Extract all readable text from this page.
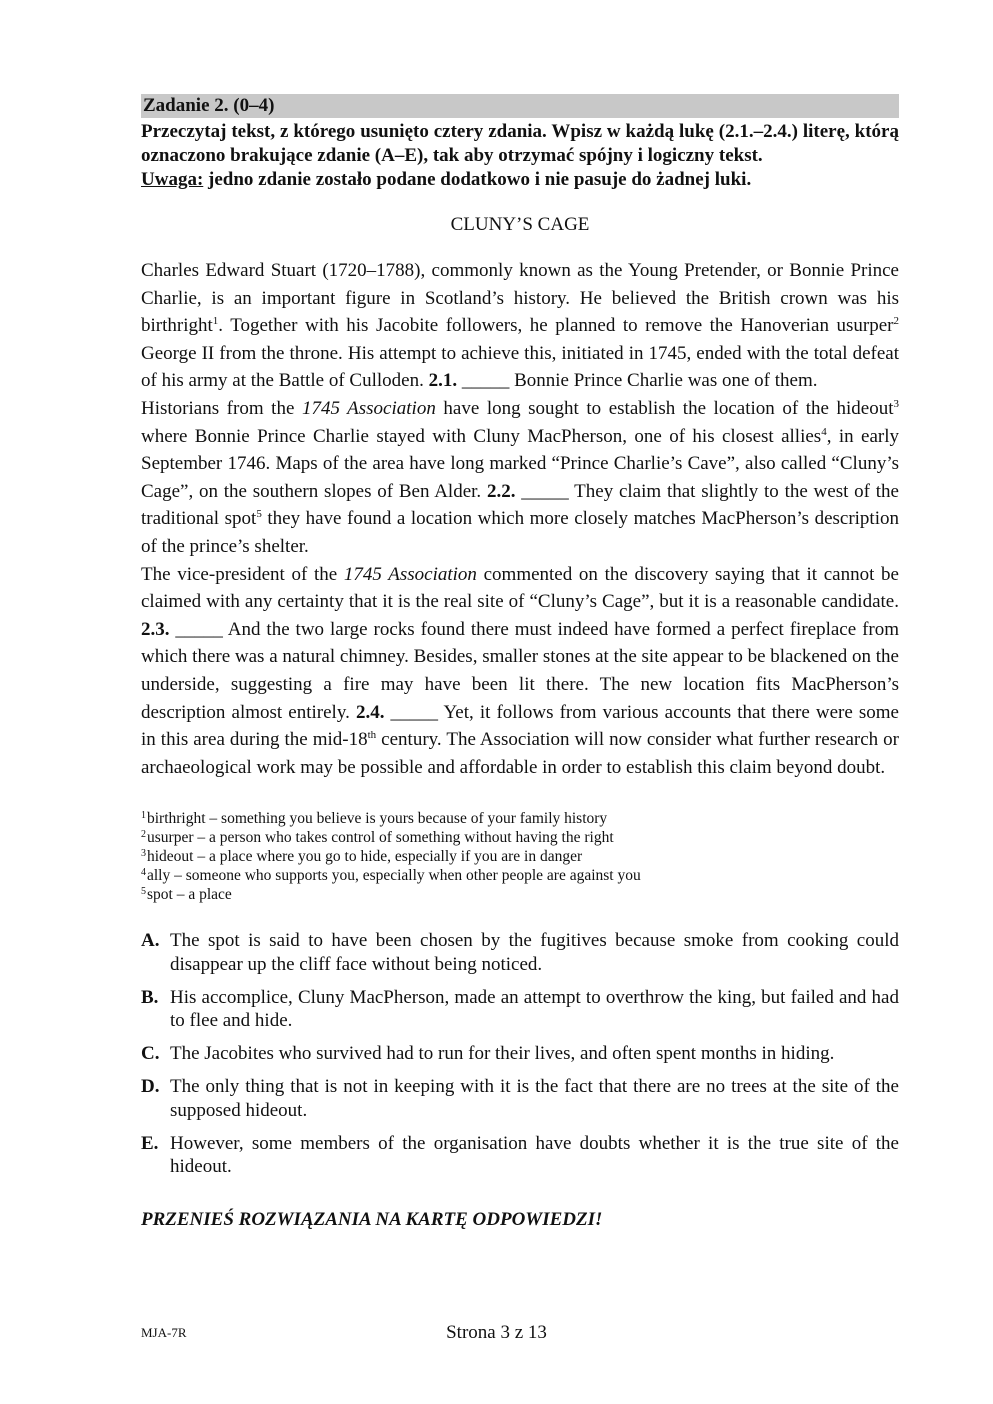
Zadanie 2. (0–4)
Przeczytaj tekst, z którego usunięto cztery zdania. Wpisz w każdą lukę (2.1.–2.4.) literę, którą oznaczono brakujące zdanie (A–E), tak aby otrzymać spójny i logiczny tekst.
Uwaga: jedno zdanie zostało podane dodatkowo i nie pasuje do żadnej luki.
CLUNY’S CAGE

Charles Edward Stuart (1720–1788), commonly known as the Young Pretender, or Bonnie Prince Charlie, is an important figure in Scotland’s history. He believed the British crown was his birthright$^1$. Together with his Jacobite followers, he planned to remove the Hanoverian usurper$^2$ George II from the throne. His attempt to achieve this, initiated in 1745, ended with the total defeat of his army at the Battle of Culloden. 2.1. _____ Bonnie Prince Charlie was one of them.

Historians from the 1745 Association have long sought to establish the location of the hideout$^3$ where Bonnie Prince Charlie stayed with Cluny MacPherson, one of his closest allies$^4$, in early September 1746. Maps of the area have long marked “Prince Charlie’s Cave”, also called “Cluny’s Cage”, on the southern slopes of Ben Alder. 2.2. _____ They claim that slightly to the west of the traditional spot$^5$ they have found a location which more closely matches MacPherson’s description of the prince’s shelter.

The vice-president of the 1745 Association commented on the discovery saying that it cannot be claimed with any certainty that it is the real site of “Cluny’s Cage”, but it is a reasonable candidate. 2.3. _____ And the two large rocks found there must indeed have formed a perfect fireplace from which there was a natural chimney. Besides, smaller stones at the site appear to be blackened on the underside, suggesting a fire may have been lit there. The new location fits MacPherson’s description almost entirely. 2.4. _____ Yet, it follows from various accounts that there were some in this area during the mid-18th century. The Association will now consider what further research or archaeological work may be possible and affordable in order to establish this claim beyond doubt.

$^1$birthright – something you believe is yours because of your family history
$^2$usurper – a person who takes control of something without having the right
$^3$hideout – a place where you go to hide, especially if you are in danger
$^4$ally – someone who supports you, especially when other people are against you
$^5$spot – a place
A. The spot is said to have been chosen by the fugitives because smoke from cooking could disappear up the cliff face without being noticed.
B. His accomplice, Cluny MacPherson, made an attempt to overthrow the king, but failed and had to flee and hide.
C. The Jacobites who survived had to run for their lives, and often spent months in hiding.
D. The only thing that is not in keeping with it is the fact that there are no trees at the site of the supposed hideout.
E. However, some members of the organisation have doubts whether it is the true site of the hideout.
PRZENIEŚ ROZWIĄZANIA NA KARTĘ ODPOWIEDZI!
MJA-7R	Strona 3 z 13
